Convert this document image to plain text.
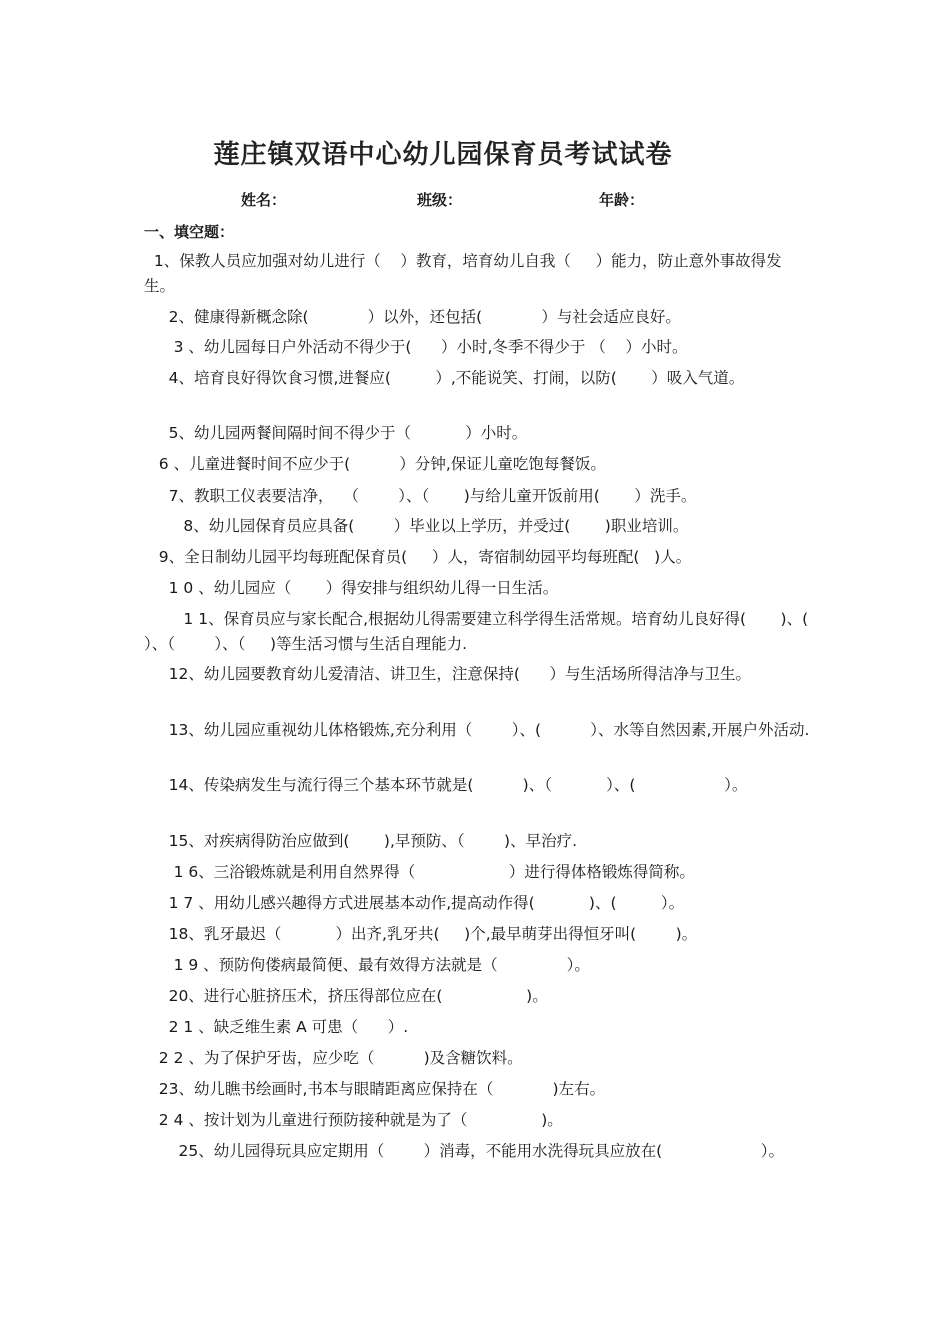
莲庄镇双语中心幼儿园保育员考试试卷
姓名：	班级：	年龄：
一、填空题：
1、保教人员应加强对幼儿进行（    ）教育，培育幼儿自我（     ）能力，防止意外事故得发生。
2、健康得新概念除(            ）以外，还包括(            ）与社会适应良好。
3 、幼儿园每日户外活动不得少于(      ）小时,冬季不得少于 （    ）小时。
4、培育良好得饮食习惯,进餐应(         ）,不能说笑、打闹，以防(       ）吸入气道。
5、幼儿园两餐间隔时间不得少于（           ）小时。
6 、儿童进餐时间不应少于(          ）分钟,保证儿童吃饱每餐饭。
7、教职工仪表要洁净，  （        ）、（       )与给儿童开饭前用(       ）洗手。
8、幼儿园保育员应具备(        ）毕业以上学历，并受过(       )职业培训。
9、全日制幼儿园平均每班配保育员(     ）人，寄宿制幼园平均每班配(   )人。
1 0 、幼儿园应（       ）得安排与组织幼儿得一日生活。
1 1、保育员应与家长配合,根据幼儿得需要建立科学得生活常规。培育幼儿良好得(       )、(      ）、（        ）、（     )等生活习惯与生活自理能力.
12、幼儿园要教育幼儿爱清洁、讲卫生，注意保持(      ）与生活场所得洁净与卫生。
13、幼儿园应重视幼儿体格锻炼,充分利用（        ）、(          ）、水等自然因素,开展户外活动.
14、传染病发生与流行得三个基本环节就是(          )、（           ）、(                  ）。
15、对疾病得防治应做到(       ),早预防、（        )、早治疗.
1 6、三浴锻炼就是利用自然界得（                   ）进行得体格锻炼得简称。
1 7 、用幼儿感兴趣得方式进展基本动作,提高动作得(           )、(         ）。
18、乳牙最迟（           ）出齐,乳牙共(     )个,最早萌芽出得恒牙叫(        )。
1 9 、预防佝偻病最简便、最有效得方法就是（              ）。
20、进行心脏挤压术，挤压得部位应在(                 )。
2 1 、缺乏维生素 A 可患（      ）.
2 2 、为了保护牙齿，应少吃（          )及含糖饮料。
23、幼儿瞧书绘画时,书本与眼睛距离应保持在（            )左右。
2 4 、按计划为儿童进行预防接种就是为了（               )。
25、幼儿园得玩具应定期用（        ）消毒，不能用水洗得玩具应放在(                    ）。
